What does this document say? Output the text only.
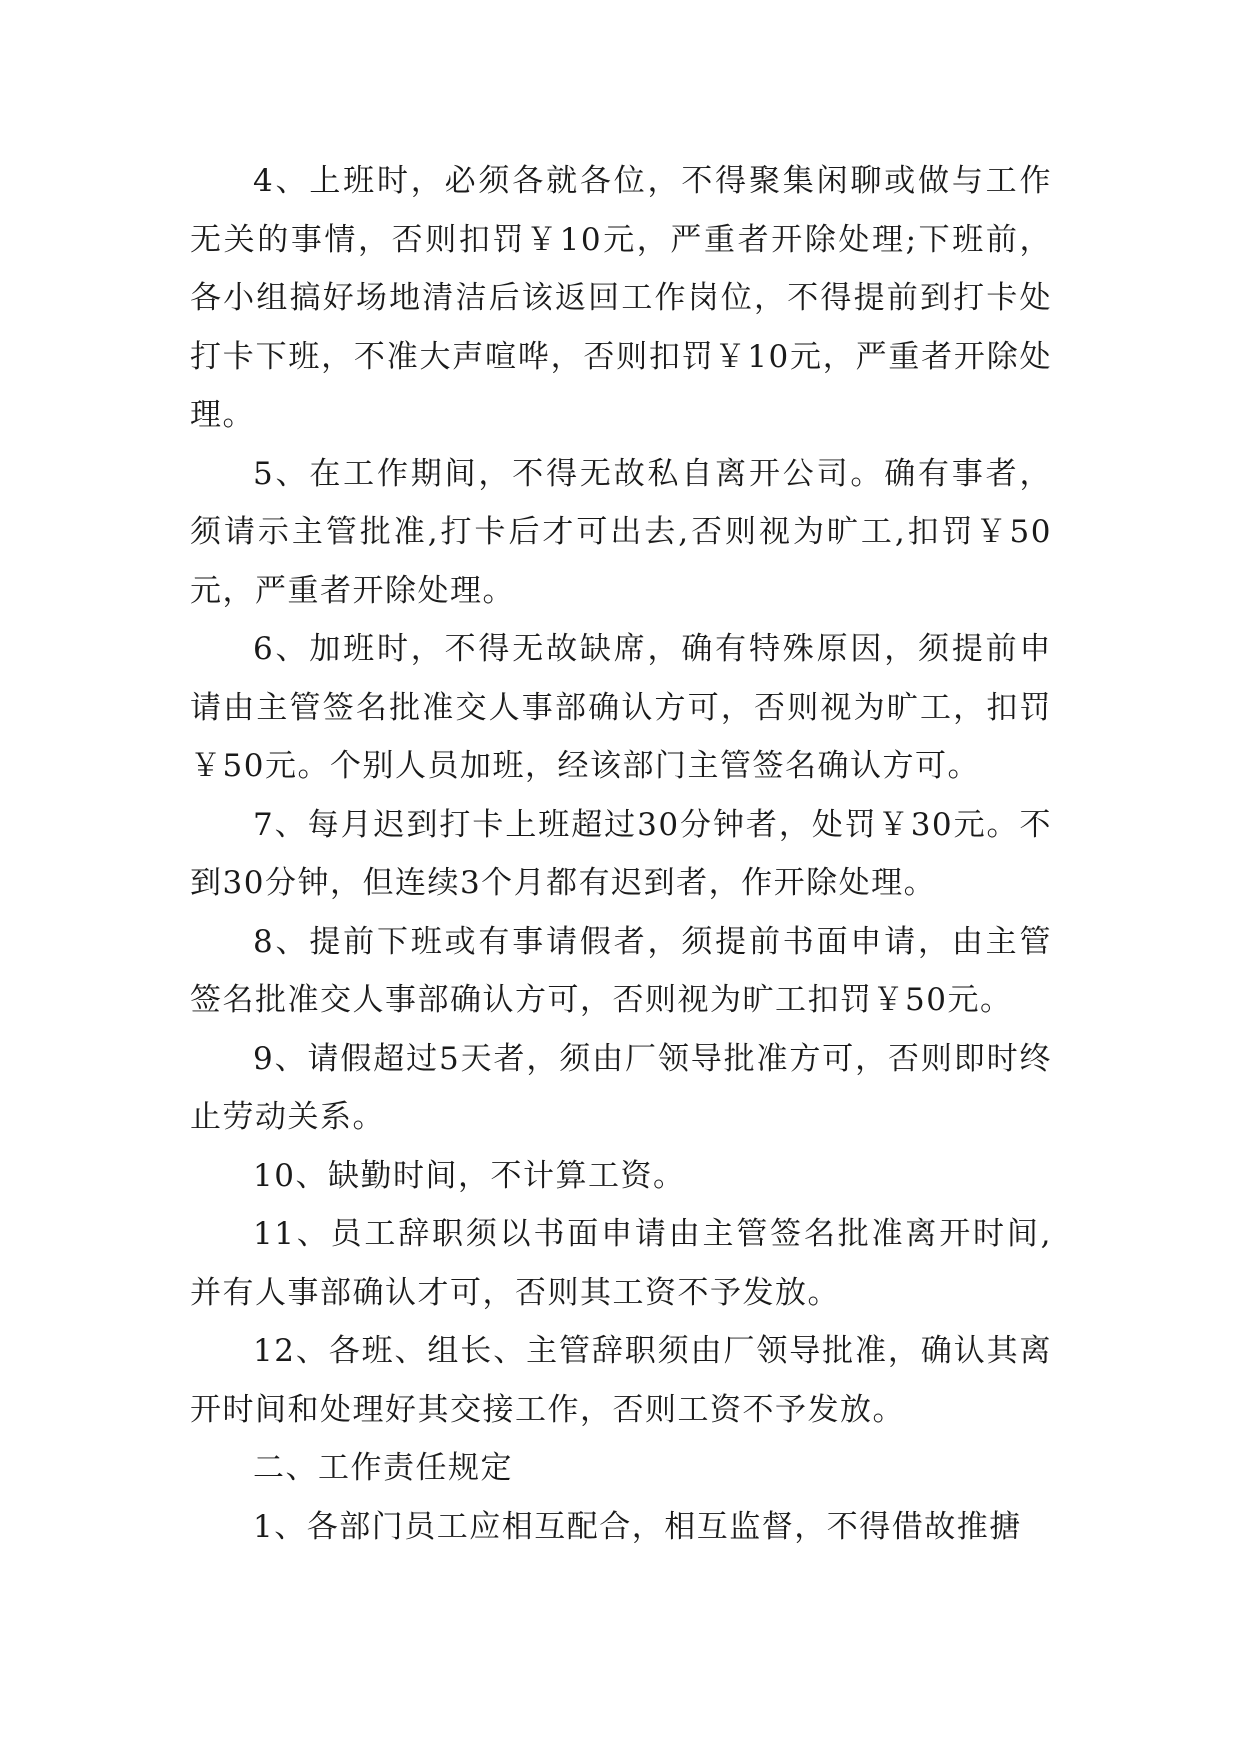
4、上班时，必须各就各位，不得聚集闲聊或做与工作无关的事情，否则扣罚￥10元，严重者开除处理;下班前，各小组搞好场地清洁后该返回工作岗位，不得提前到打卡处打卡下班，不准大声喧哗，否则扣罚￥10元，严重者开除处理。

5、在工作期间，不得无故私自离开公司。确有事者，须请示主管批准,打卡后才可出去,否则视为旷工,扣罚￥50元，严重者开除处理。

6、加班时，不得无故缺席，确有特殊原因，须提前申请由主管签名批准交人事部确认方可，否则视为旷工，扣罚￥50元。个别人员加班，经该部门主管签名确认方可。

7、每月迟到打卡上班超过30分钟者，处罚￥30元。不到30分钟，但连续3个月都有迟到者，作开除处理。

8、提前下班或有事请假者，须提前书面申请，由主管签名批准交人事部确认方可，否则视为旷工扣罚￥50元。

9、请假超过5天者，须由厂领导批准方可，否则即时终止劳动关系。

10、缺勤时间，不计算工资。

11、员工辞职须以书面申请由主管签名批准离开时间,并有人事部确认才可，否则其工资不予发放。

12、各班、组长、主管辞职须由厂领导批准，确认其离开时间和处理好其交接工作，否则工资不予发放。

二、工作责任规定

1、各部门员工应相互配合，相互监督，不得借故推搪
